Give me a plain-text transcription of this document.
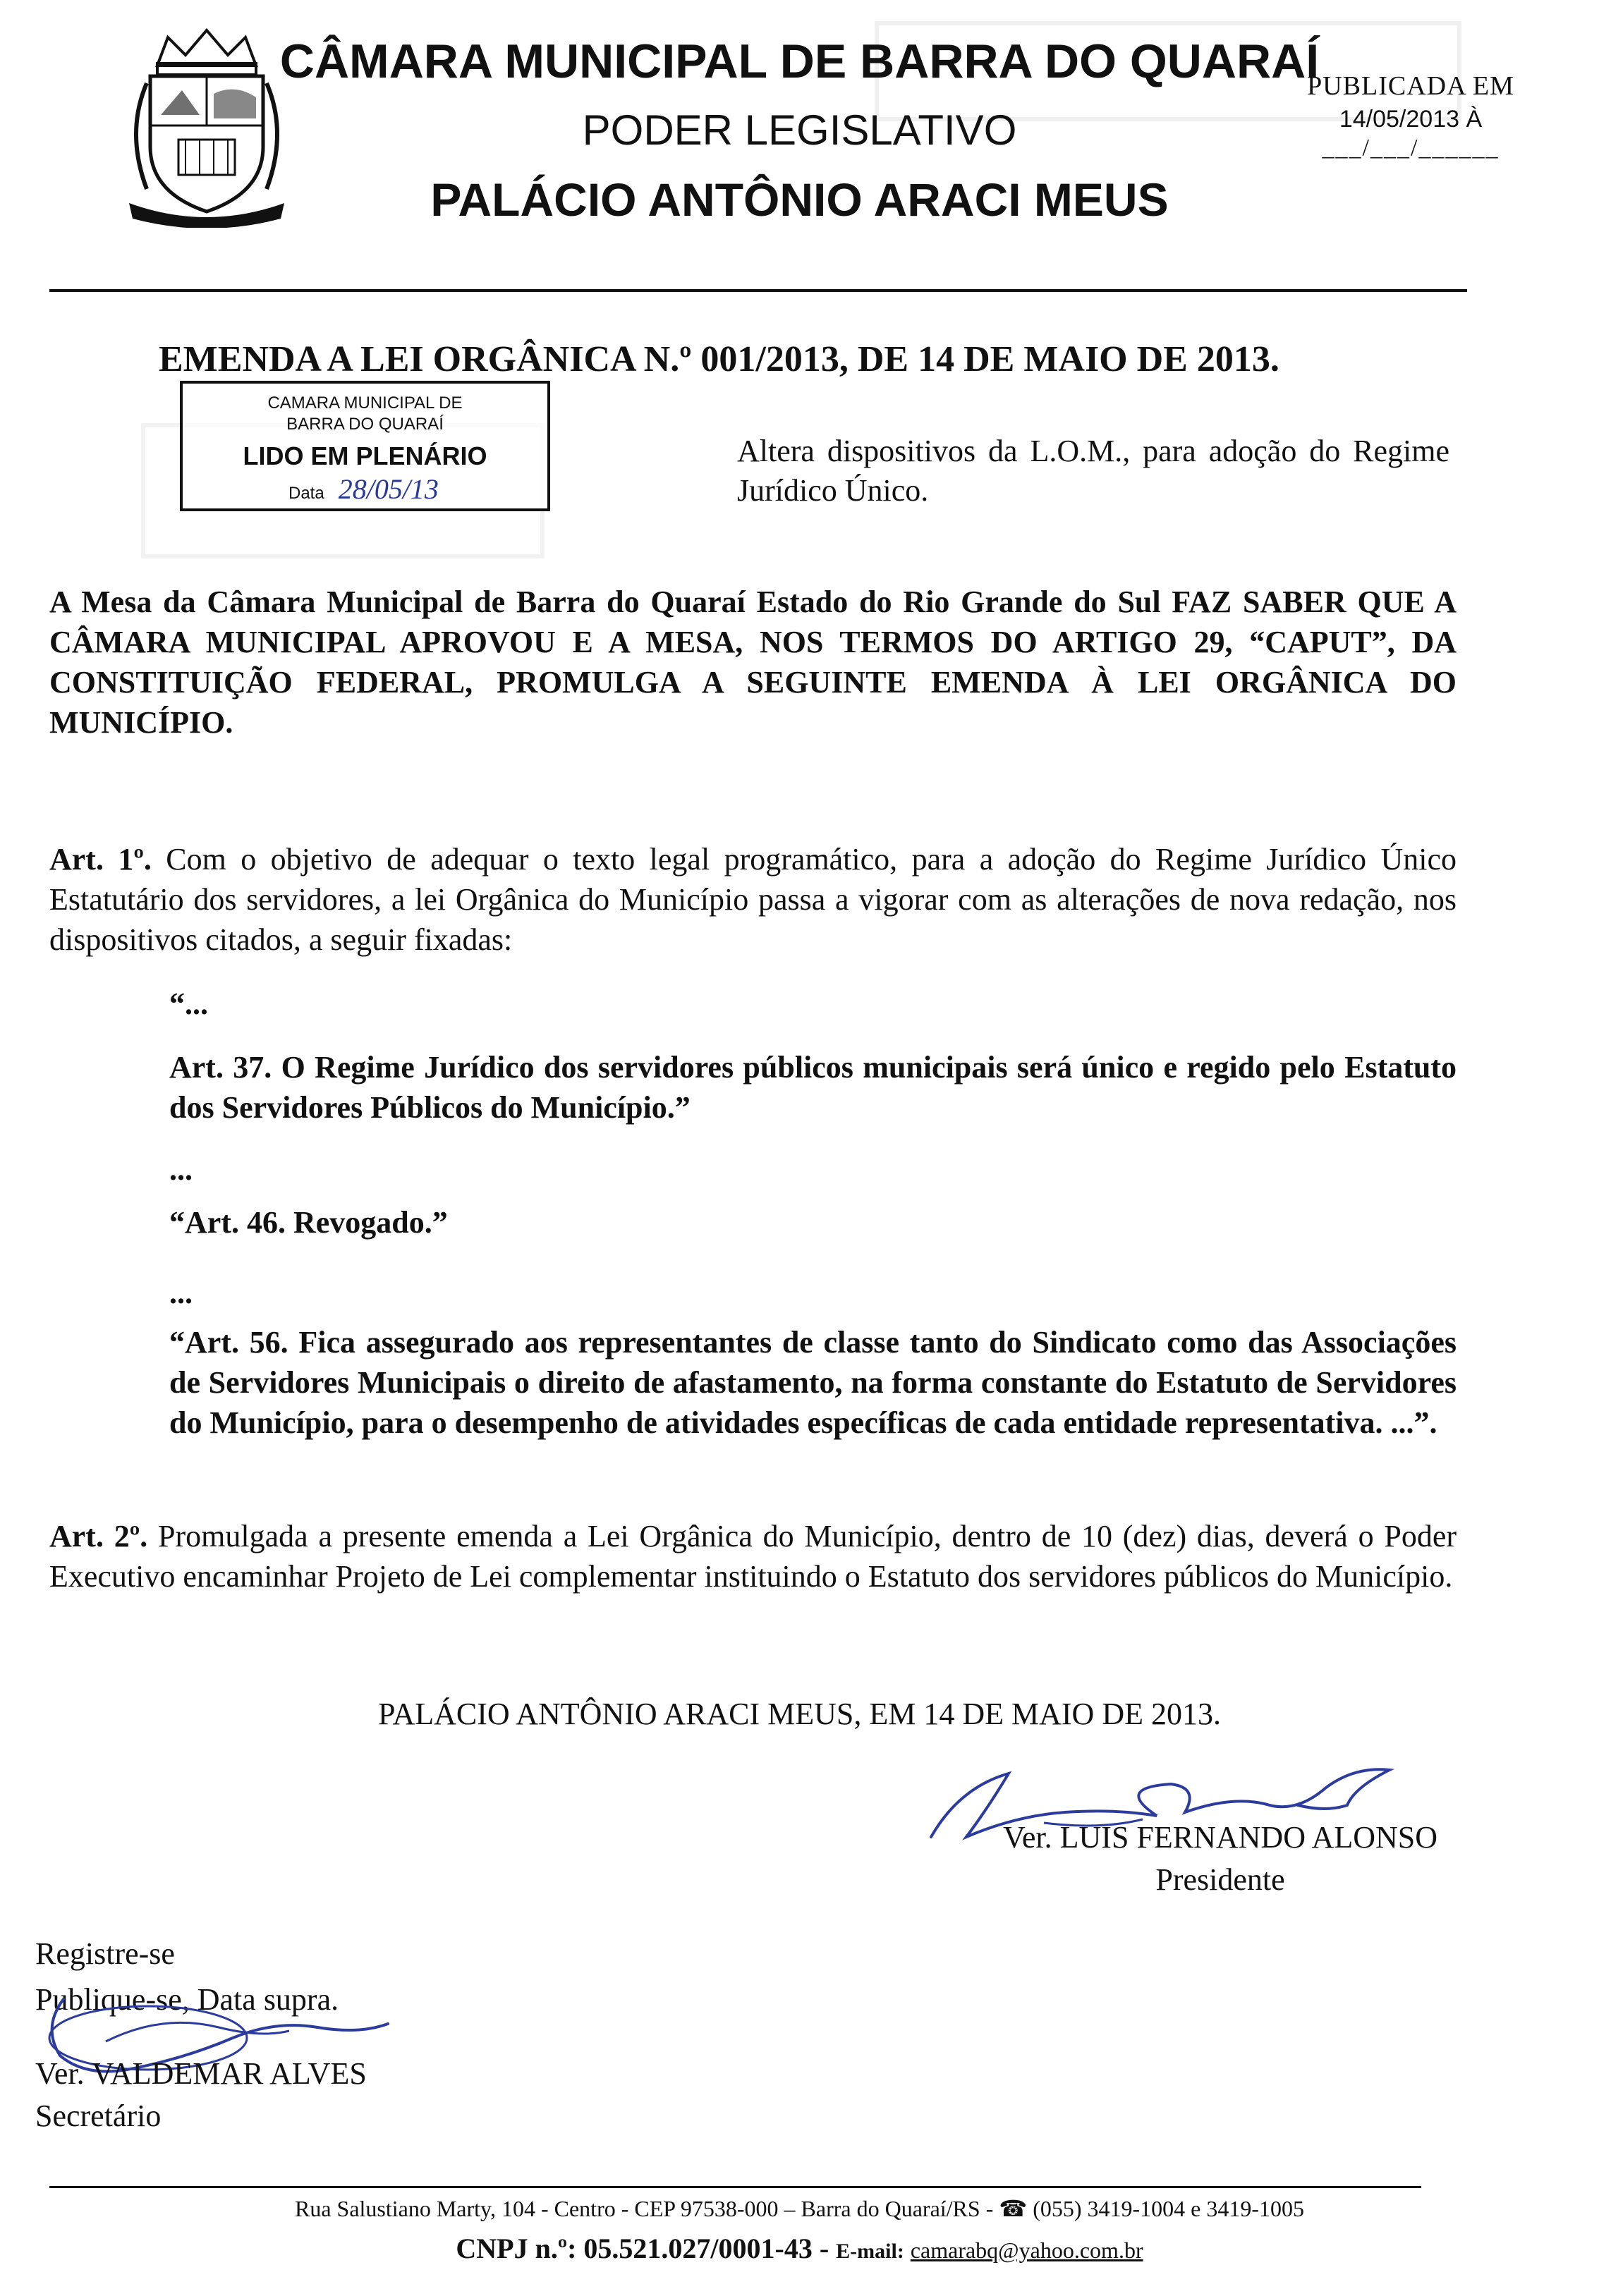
CÂMARA MUNICIPAL DE BARRA DO QUARAÍ
PODER LEGISLATIVO
PALÁCIO ANTÔNIO ARACI MEUS
PUBLICADA EM
14/05/2013 À
___/___/______
EMENDA A LEI ORGÂNICA N.º 001/2013, DE 14 DE MAIO DE 2013.
CAMARA MUNICIPAL DE
BARRA DO QUARAÍ
LIDO EM PLENÁRIO
Data 28/05/13
Altera dispositivos da L.O.M., para adoção do Regime Jurídico Único.
A Mesa da Câmara Municipal de Barra do Quaraí Estado do Rio Grande do Sul FAZ SABER QUE A CÂMARA MUNICIPAL APROVOU E A MESA, NOS TERMOS DO ARTIGO 29, “CAPUT”, DA CONSTITUIÇÃO FEDERAL, PROMULGA A SEGUINTE EMENDA À LEI ORGÂNICA DO MUNICÍPIO.
Art. 1º. Com o objetivo de adequar o texto legal programático, para a adoção do Regime Jurídico Único Estatutário dos servidores, a lei Orgânica do Município passa a vigorar com as alterações de nova redação, nos dispositivos citados, a seguir fixadas:
“...
Art. 37. O Regime Jurídico dos servidores públicos municipais será único e regido pelo Estatuto dos Servidores Públicos do Município.”
...
“Art. 46. Revogado.”
...
“Art. 56. Fica assegurado aos representantes de classe tanto do Sindicato como das Associações de Servidores Municipais o direito de afastamento, na forma constante do Estatuto de Servidores do Município, para o desempenho de atividades específicas de cada entidade representativa. ...”.
Art. 2º. Promulgada a presente emenda a Lei Orgânica do Município, dentro de 10 (dez) dias, deverá o Poder Executivo encaminhar Projeto de Lei complementar instituindo o Estatuto dos servidores públicos do Município.
PALÁCIO ANTÔNIO ARACI MEUS, EM 14 DE MAIO DE 2013.
Ver. LUIS FERNANDO ALONSO
Presidente
Registre-se
Publique-se, Data supra.
Ver. VALDEMAR ALVES
Secretário
Rua Salustiano Marty, 104 - Centro - CEP 97538-000 – Barra do Quaraí/RS - ☎ (055) 3419-1004 e 3419-1005
CNPJ n.º: 05.521.027/0001-43 - E-mail: camarabq@yahoo.com.br
